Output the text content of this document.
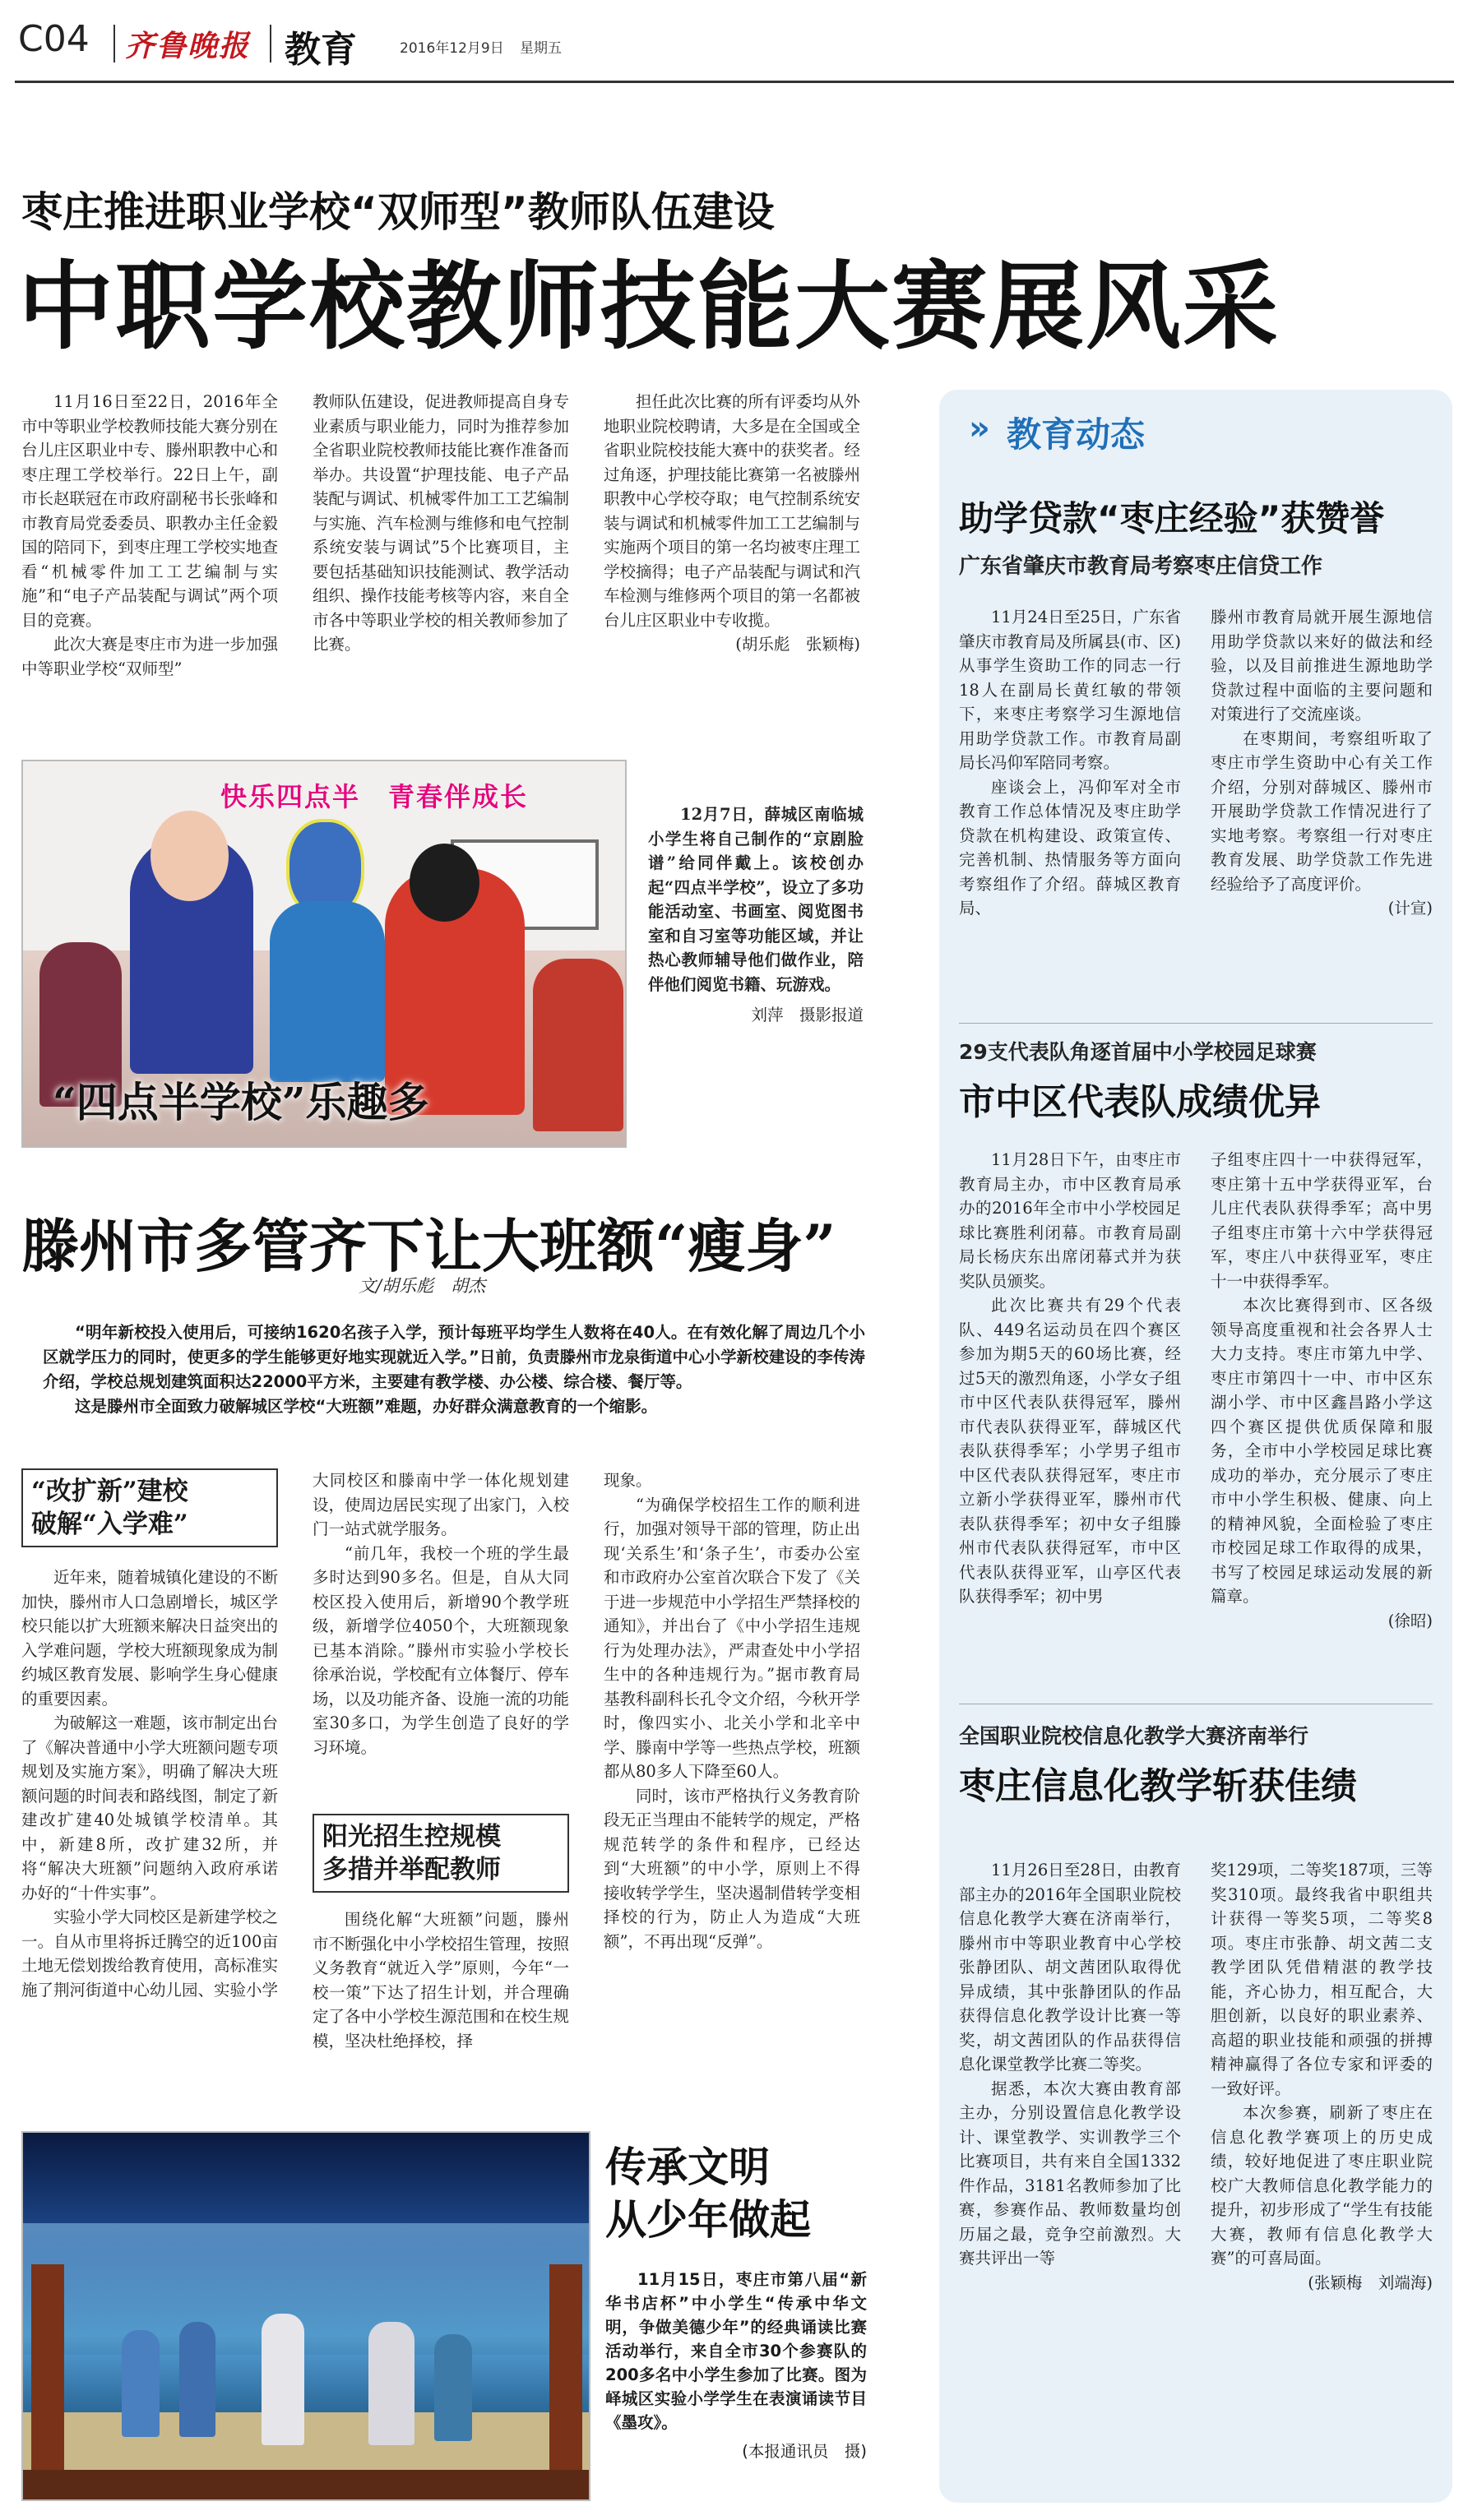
C04 齐鲁晚报 教育	2016年12月9日 星期五
枣庄推进职业学校“双师型”教师队伍建设
中职学校教师技能大赛展风采

11月16日至22日，2016年全市中等职业学校教师技能大赛分别在台儿庄区职业中专、滕州职教中心和枣庄理工学校举行。22日上午，副市长赵联冠在市政府副秘书长张峰和市教育局党委委员、职教办主任金毅国的陪同下，到枣庄理工学校实地查看“机械零件加工工艺编制与实施”和“电子产品装配与调试”两个项目的竞赛。

此次大赛是枣庄市为进一步加强中等职业学校“双师型”

教师队伍建设，促进教师提高自身专业素质与职业能力，同时为推荐参加全省职业院校教师技能比赛作准备而举办。共设置“护理技能、电子产品装配与调试、机械零件加工工艺编制与实施、汽车检测与维修和电气控制系统安装与调试”5个比赛项目，主要包括基础知识技能测试、教学活动组织、操作技能考核等内容，来自全市各中等职业学校的相关教师参加了比赛。

担任此次比赛的所有评委均从外地职业院校聘请，大多是在全国或全省职业院校技能大赛中的获奖者。经过角逐，护理技能比赛第一名被滕州职教中心学校夺取；电气控制系统安装与调试和机械零件加工工艺编制与实施两个项目的第一名均被枣庄理工学校摘得；电子产品装配与调试和汽车检测与维修两个项目的第一名都被台儿庄区职业中专收揽。

(胡乐彪　张颖梅)

快乐四点半　青春伴成长
“四点半学校”乐趣多

12月7日，薛城区南临城小学生将自己制作的“京剧脸谱”给同伴戴上。该校创办起“四点半学校”，设立了多功能活动室、书画室、阅览图书室和自习室等功能区域，并让热心教师辅导他们做作业，陪伴他们阅览书籍、玩游戏。

刘萍　摄影报道

滕州市多管齐下让大班额“瘦身”
文/胡乐彪　胡杰

“明年新校投入使用后，可接纳1620名孩子入学，预计每班平均学生人数将在40人。在有效化解了周边几个小区就学压力的同时，使更多的学生能够更好地实现就近入学。”日前，负责滕州市龙泉街道中心小学新校建设的李传涛介绍，学校总规划建筑面积达22000平方米，主要建有教学楼、办公楼、综合楼、餐厅等。

这是滕州市全面致力破解城区学校“大班额”难题，办好群众满意教育的一个缩影。

“改扩新”建校
破解“入学难”

近年来，随着城镇化建设的不断加快，滕州市人口急剧增长，城区学校只能以扩大班额来解决日益突出的入学难问题，学校大班额现象成为制约城区教育发展、影响学生身心健康的重要因素。

为破解这一难题，该市制定出台了《解决普通中小学大班额问题专项规划及实施方案》，明确了解决大班额问题的时间表和路线图，制定了新建改扩建40处城镇学校清单。其中，新建8所，改扩建32所，并将“解决大班额”问题纳入政府承诺办好的“十件实事”。

实验小学大同校区是新建学校之一。自从市里将拆迁腾空的近100亩土地无偿划拨给教育使用，高标准实施了荆河街道中心幼儿园、实验小学

大同校区和滕南中学一体化规划建设，使周边居民实现了出家门，入校门一站式就学服务。

“前几年，我校一个班的学生最多时达到90多名。但是，自从大同校区投入使用后，新增90个教学班级，新增学位4050个，大班额现象已基本消除。”滕州市实验小学校长徐承治说，学校配有立体餐厅、停车场，以及功能齐备、设施一流的功能室30多口，为学生创造了良好的学习环境。

阳光招生控规模
多措并举配教师

围绕化解“大班额”问题，滕州市不断强化中小学校招生管理，按照义务教育“就近入学”原则，今年“一校一策”下达了招生计划，并合理确定了各中小学校生源范围和在校生规模，坚决杜绝择校，择

现象。

“为确保学校招生工作的顺利进行，加强对领导干部的管理，防止出现‘关系生’和‘条子生’，市委办公室和市政府办公室首次联合下发了《关于进一步规范中小学招生严禁择校的通知》，并出台了《中小学招生违规行为处理办法》，严肃查处中小学招生中的各种违规行为。”据市教育局基教科副科长孔令文介绍，今秋开学时，像四实小、北关小学和北辛中学、滕南中学等一些热点学校，班额都从80多人下降至60人。

同时，该市严格执行义务教育阶段无正当理由不能转学的规定，严格规范转学的条件和程序，已经达到“大班额”的中小学，原则上不得接收转学学生，坚决遏制借转学变相择校的行为，防止人为造成“大班额”，不再出现“反弹”。

传承文明
从少年做起

11月15日，枣庄市第八届“新华书店杯”中小学生“传承中华文明，争做美德少年”的经典诵读比赛活动举行，来自全市30个参赛队的200多名中小学生参加了比赛。图为峄城区实验小学学生在表演诵读节目《墨攻》。

(本报通讯员　摄)

» 教育动态
助学贷款“枣庄经验”获赞誉
广东省肇庆市教育局考察枣庄信贷工作

11月24日至25日，广东省肇庆市教育局及所属县(市、区)从事学生资助工作的同志一行18人在副局长黄红敏的带领下，来枣庄考察学习生源地信用助学贷款工作。市教育局副局长冯仰军陪同考察。

座谈会上，冯仰军对全市教育工作总体情况及枣庄助学贷款在机构建设、政策宣传、完善机制、热情服务等方面向考察组作了介绍。薛城区教育局、

滕州市教育局就开展生源地信用助学贷款以来好的做法和经验，以及目前推进生源地助学贷款过程中面临的主要问题和对策进行了交流座谈。

在枣期间，考察组听取了枣庄市学生资助中心有关工作介绍，分别对薛城区、滕州市开展助学贷款工作情况进行了实地考察。考察组一行对枣庄教育发展、助学贷款工作先进经验给予了高度评价。

(计宣)

29支代表队角逐首届中小学校园足球赛
市中区代表队成绩优异

11月28日下午，由枣庄市教育局主办，市中区教育局承办的2016年全市中小学校园足球比赛胜利闭幕。市教育局副局长杨庆东出席闭幕式并为获奖队员颁奖。

此次比赛共有29个代表队、449名运动员在四个赛区参加为期5天的60场比赛，经过5天的激烈角逐，小学女子组市中区代表队获得冠军，滕州市代表队获得亚军，薛城区代表队获得季军；小学男子组市中区代表队获得冠军，枣庄市立新小学获得亚军，滕州市代表队获得季军；初中女子组滕州市代表队获得冠军，市中区代表队获得亚军，山亭区代表队获得季军；初中男

子组枣庄四十一中获得冠军，枣庄第十五中学获得亚军，台儿庄代表队获得季军；高中男子组枣庄市第十六中学获得冠军，枣庄八中获得亚军，枣庄十一中获得季军。

本次比赛得到市、区各级领导高度重视和社会各界人士大力支持。枣庄市第九中学、枣庄市第四十一中、市中区东湖小学、市中区鑫昌路小学这四个赛区提供优质保障和服务，全市中小学校园足球比赛成功的举办，充分展示了枣庄市中小学生积极、健康、向上的精神风貌，全面检验了枣庄市校园足球工作取得的成果，书写了校园足球运动发展的新篇章。

(徐昭)

全国职业院校信息化教学大赛济南举行
枣庄信息化教学斩获佳绩

11月26日至28日，由教育部主办的2016年全国职业院校信息化教学大赛在济南举行，滕州市中等职业教育中心学校张静团队、胡文茜团队取得优异成绩，其中张静团队的作品获得信息化教学设计比赛一等奖，胡文茜团队的作品获得信息化课堂教学比赛二等奖。

据悉，本次大赛由教育部主办，分别设置信息化教学设计、课堂教学、实训教学三个比赛项目，共有来自全国1332件作品，3181名教师参加了比赛，参赛作品、教师数量均创历届之最，竞争空前激烈。大赛共评出一等

奖129项，二等奖187项，三等奖310项。最终我省中职组共计获得一等奖5项，二等奖8项。枣庄市张静、胡文茜二支教学团队凭借精湛的教学技能，齐心协力，相互配合，大胆创新，以良好的职业素养、高超的职业技能和顽强的拼搏精神赢得了各位专家和评委的一致好评。

本次参赛，刷新了枣庄在信息化教学赛项上的历史成绩，较好地促进了枣庄职业院校广大教师信息化教学能力的提升，初步形成了“学生有技能大赛，教师有信息化教学大赛”的可喜局面。

(张颖梅　刘端海)
